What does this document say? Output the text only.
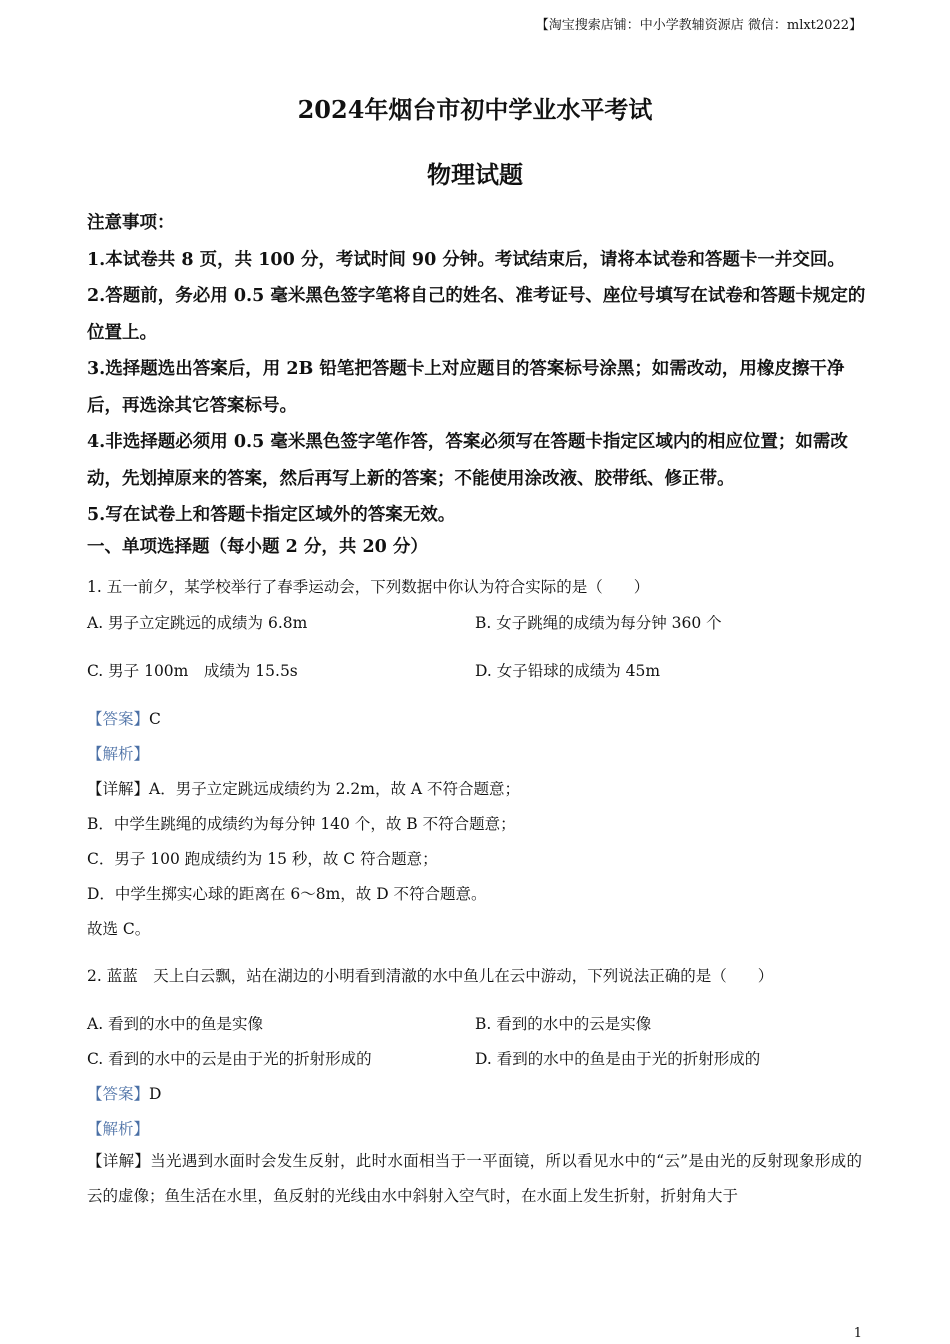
【淘宝搜索店铺：中小学教辅资源店 微信：mlxt2022】
2024年烟台市初中学业水平考试
物理试题
注意事项：
1.本试卷共 8 页，共 100 分，考试时间 90 分钟。考试结束后，请将本试卷和答题卡一并交回。
2.答题前，务必用 0.5 毫米黑色签字笔将自己的姓名、准考证号、座位号填写在试卷和答题卡规定的位置上。
3.选择题选出答案后，用 2B 铅笔把答题卡上对应题目的答案标号涂黑；如需改动，用橡皮擦干净后，再选涂其它答案标号。
4.非选择题必须用 0.5 毫米黑色签字笔作答，答案必须写在答题卡指定区域内的相应位置；如需改动，先划掉原来的答案，然后再写上新的答案；不能使用涂改液、胶带纸、修正带。
5.写在试卷上和答题卡指定区域外的答案无效。
一、单项选择题（每小题 2 分，共 20 分）
1. 五一前夕，某学校举行了春季运动会，下列数据中你认为符合实际的是（　　）
A. 男子立定跳远的成绩为 6.8m	B. 女子跳绳的成绩为每分钟 360 个
C. 男子 100m　成绩为 15.5s	D. 女子铅球的成绩为 45m
【答案】C
【解析】
【详解】A．男子立定跳远成绩约为 2.2m，故 A 不符合题意；
B．中学生跳绳的成绩约为每分钟 140 个，故 B 不符合题意；
C．男子 100 跑成绩约为 15 秒，故 C 符合题意；
D．中学生掷实心球的距离在 6～8m，故 D 不符合题意。
故选 C。
2. 蓝蓝　天上白云飘，站在湖边的小明看到清澈的水中鱼儿在云中游动，下列说法正确的是（　　）
A. 看到的水中的鱼是实像	B. 看到的水中的云是实像
C. 看到的水中的云是由于光的折射形成的	D. 看到的水中的鱼是由于光的折射形成的
【答案】D
【解析】
【详解】当光遇到水面时会发生反射，此时水面相当于一平面镜，所以看见水中的“云”是由光的反射现象形成的云的虚像；鱼生活在水里，鱼反射的光线由水中斜射入空气时，在水面上发生折射，折射角大于
1
